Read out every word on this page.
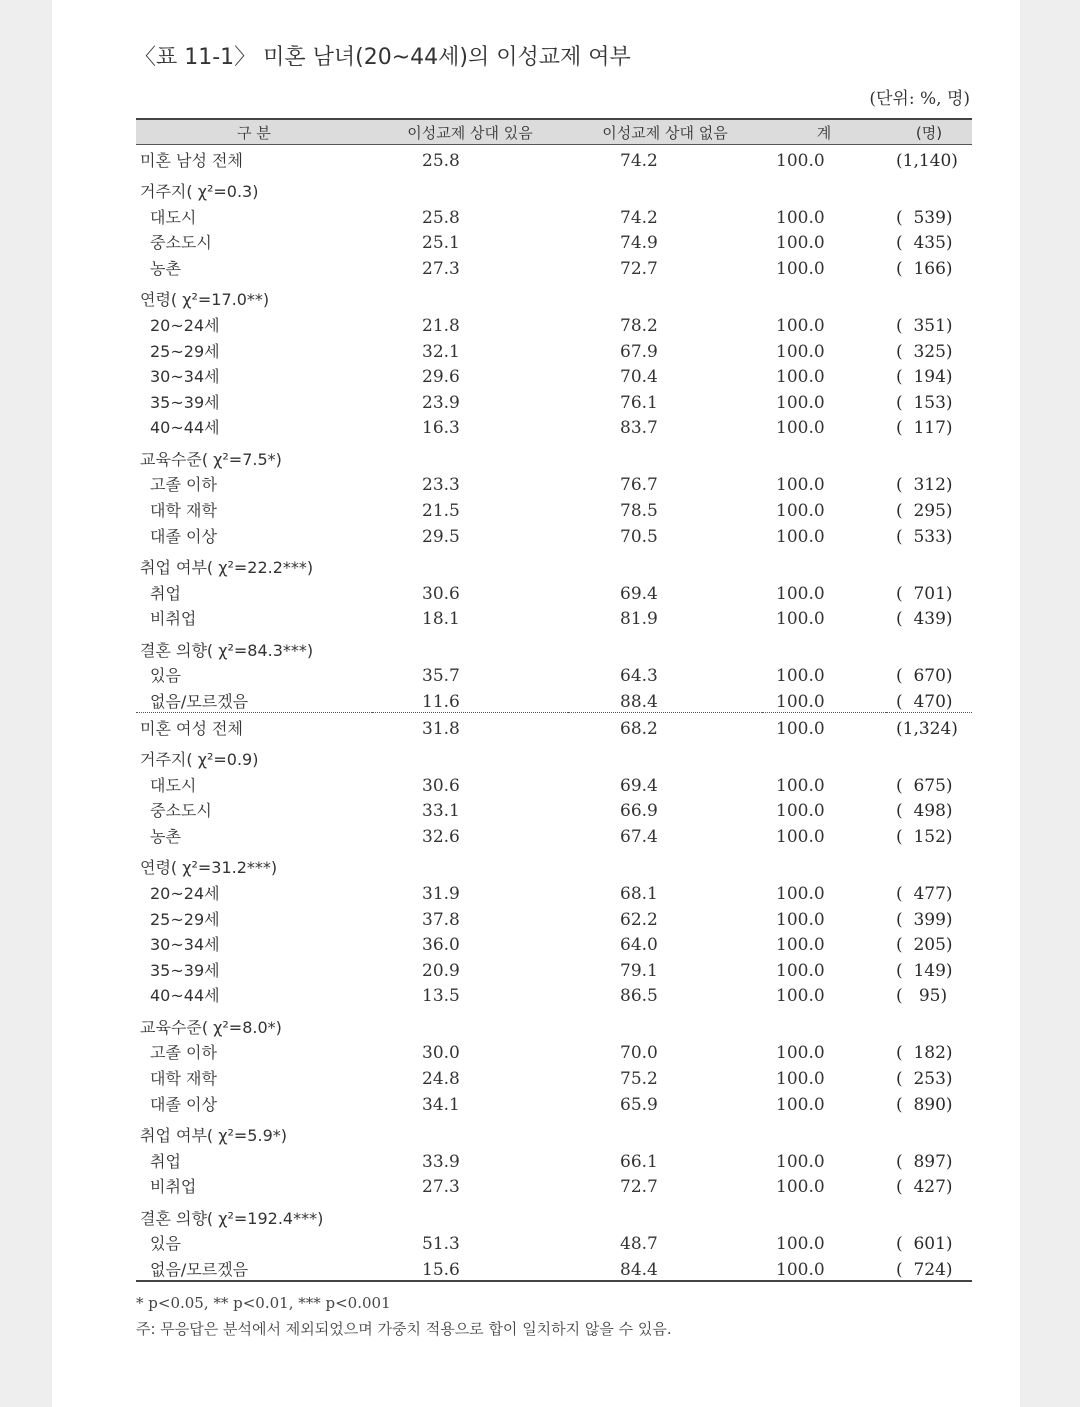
〈표 11-1〉 미혼 남녀(20~44세)의 이성교제 여부
(단위: %, 명)
구 분	이성교제 상대 있음	이성교제 상대 없음	계	(명)
미혼 남성 전체	25.8	74.2	100.0	(1,140)
거주지( χ²=0.3)				
대도시	25.8	74.2	100.0	(  539)
중소도시	25.1	74.9	100.0	(  435)
농촌	27.3	72.7	100.0	(  166)
연령( χ²=17.0**)				
20~24세	21.8	78.2	100.0	(  351)
25~29세	32.1	67.9	100.0	(  325)
30~34세	29.6	70.4	100.0	(  194)
35~39세	23.9	76.1	100.0	(  153)
40~44세	16.3	83.7	100.0	(  117)
교육수준( χ²=7.5*)				
고졸 이하	23.3	76.7	100.0	(  312)
대학 재학	21.5	78.5	100.0	(  295)
대졸 이상	29.5	70.5	100.0	(  533)
취업 여부( χ²=22.2***)				
취업	30.6	69.4	100.0	(  701)
비취업	18.1	81.9	100.0	(  439)
결혼 의향( χ²=84.3***)				
있음	35.7	64.3	100.0	(  670)
없음/모르겠음	11.6	88.4	100.0	(  470)
미혼 여성 전체	31.8	68.2	100.0	(1,324)
거주지( χ²=0.9)				
대도시	30.6	69.4	100.0	(  675)
중소도시	33.1	66.9	100.0	(  498)
농촌	32.6	67.4	100.0	(  152)
연령( χ²=31.2***)				
20~24세	31.9	68.1	100.0	(  477)
25~29세	37.8	62.2	100.0	(  399)
30~34세	36.0	64.0	100.0	(  205)
35~39세	20.9	79.1	100.0	(  149)
40~44세	13.5	86.5	100.0	(   95)
교육수준( χ²=8.0*)				
고졸 이하	30.0	70.0	100.0	(  182)
대학 재학	24.8	75.2	100.0	(  253)
대졸 이상	34.1	65.9	100.0	(  890)
취업 여부( χ²=5.9*)				
취업	33.9	66.1	100.0	(  897)
비취업	27.3	72.7	100.0	(  427)
결혼 의향( χ²=192.4***)				
있음	51.3	48.7	100.0	(  601)
없음/모르겠음	15.6	84.4	100.0	(  724)
* p<0.05, ** p<0.01, *** p<0.001
주: 무응답은 분석에서 제외되었으며 가중치 적용으로 합이 일치하지 않을 수 있음.
